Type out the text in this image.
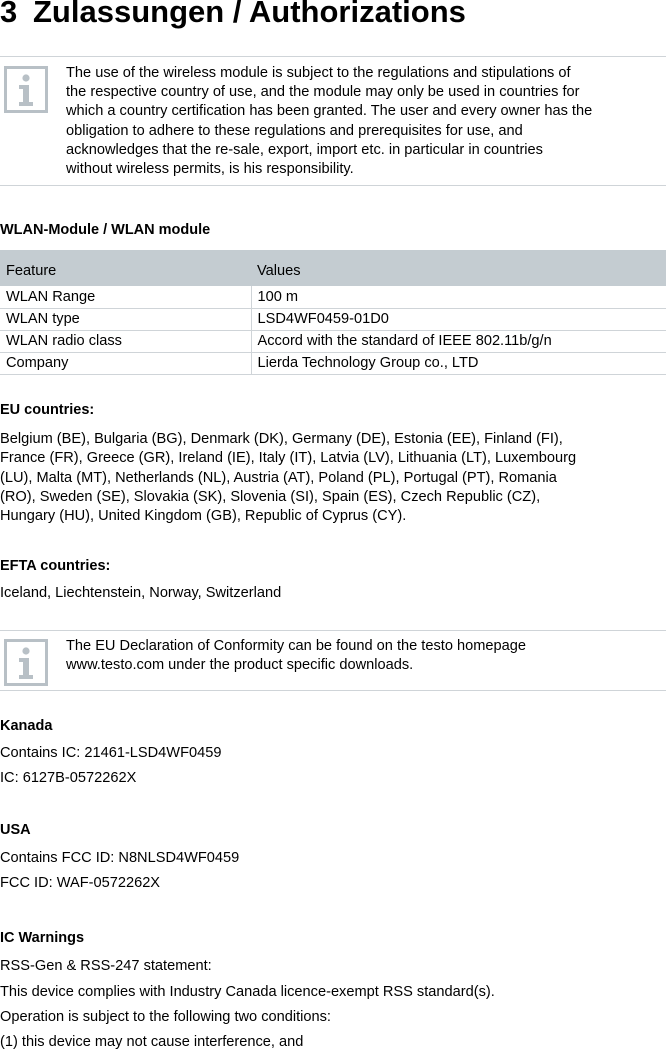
3 Zulassungen / Authorizations

The use of the wireless module is subject to the regulations and stipulations of

the respective country of use, and the module may only be used in countries for

which a country certification has been granted. The user and every owner has the

obligation to adhere to these regulations and prerequisites for use, and

acknowledges that the re-sale, export, import etc. in particular in countries

without wireless permits, is his responsibility.

WLAN-Module / WLAN module
Feature	Values
WLAN Range	100 m
WLAN type	LSD4WF0459-01D0
WLAN radio class	Accord with the standard of IEEE 802.11b/g/n
Company	Lierda Technology Group co., LTD
EU countries:

Belgium (BE), Bulgaria (BG), Denmark (DK), Germany (DE), Estonia (EE), Finland (FI),

France (FR), Greece (GR), Ireland (IE), Italy (IT), Latvia (LV), Lithuania (LT), Luxembourg

(LU), Malta (MT), Netherlands (NL), Austria (AT), Poland (PL), Portugal (PT), Romania

(RO), Sweden (SE), Slovakia (SK), Slovenia (SI), Spain (ES), Czech Republic (CZ),

Hungary (HU), United Kingdom (GB), Republic of Cyprus (CY).

EFTA countries:
Iceland, Liechtenstein, Norway, Switzerland

The EU Declaration of Conformity can be found on the testo homepage

www.testo.com under the product specific downloads.

Kanada
Contains IC: 21461-LSD4WF0459
IC: 6127B-0572262X
USA
Contains FCC ID: N8NLSD4WF0459
FCC ID: WAF-0572262X
IC Warnings
RSS-Gen & RSS-247 statement:
This device complies with Industry Canada licence-exempt RSS standard(s).
Operation is subject to the following two conditions:
(1) this device may not cause interference, and
